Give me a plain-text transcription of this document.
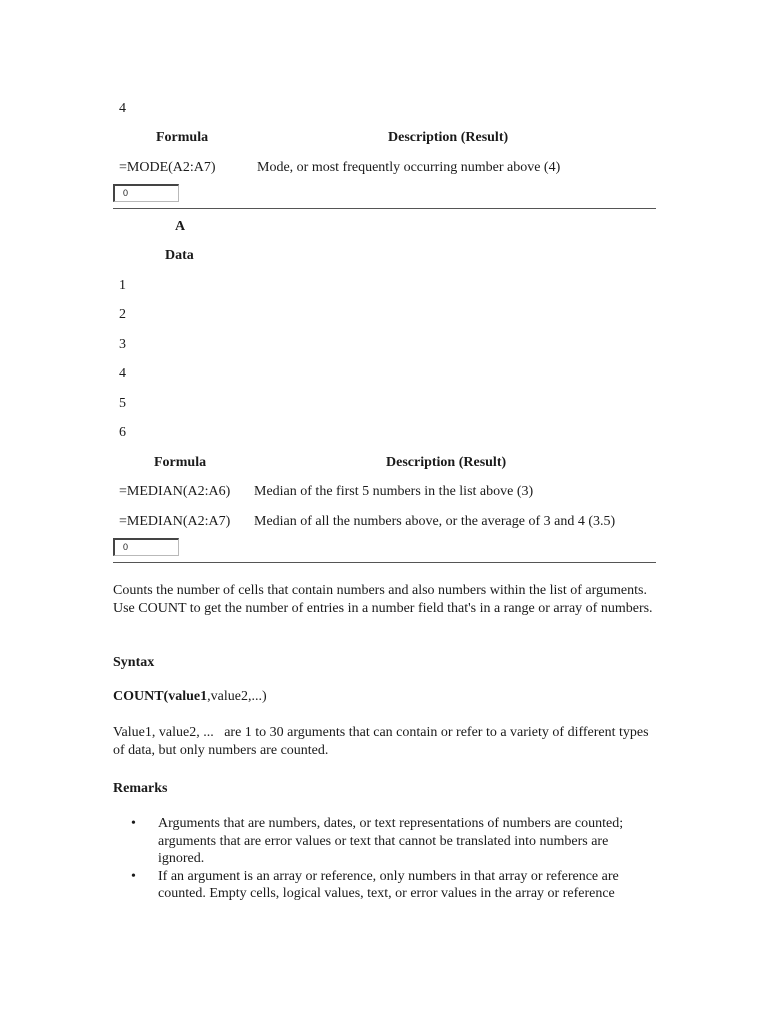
4
Formula	Description (Result)
=MODE(A2:A7)	Mode, or most frequently occurring number above (4)
0
A
Data
1
2
3
4
5
6
Formula	Description (Result)
=MEDIAN(A2:A6) Median of the first 5 numbers in the list above (3)
=MEDIAN(A2:A7) Median of all the numbers above, or the average of 3 and 4 (3.5)
0
Counts the number of cells that contain numbers and also numbers within the list of arguments. Use COUNT to get the number of entries in a number field that's in a range or array of numbers.
Syntax
COUNT(value1,value2,...)
Value1, value2, ...   are 1 to 30 arguments that can contain or refer to a variety of different types of data, but only numbers are counted.
Remarks
• Arguments that are numbers, dates, or text representations of numbers are counted; arguments that are error values or text that cannot be translated into numbers are ignored.
• If an argument is an array or reference, only numbers in that array or reference are counted. Empty cells, logical values, text, or error values in the array or reference
